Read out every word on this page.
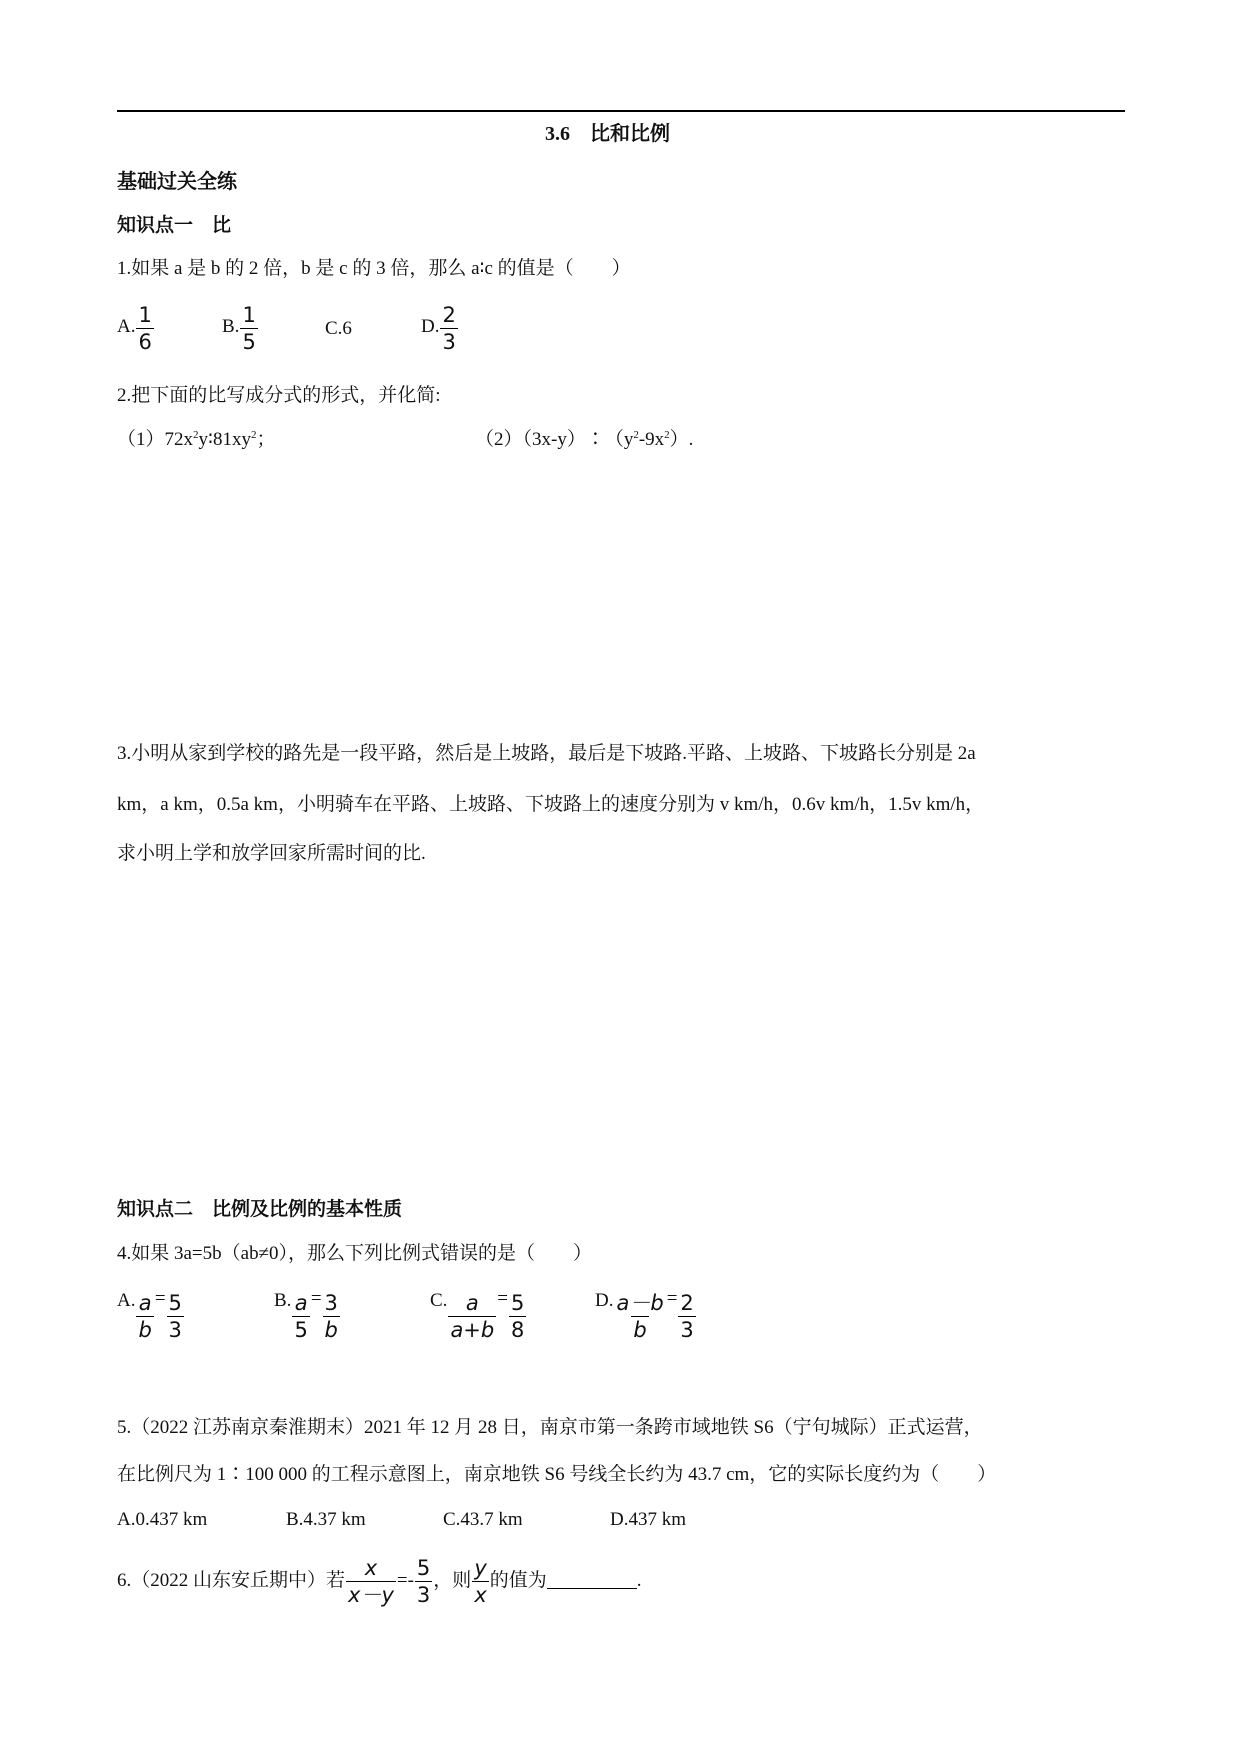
3.6　比和比例
基础过关全练
知识点一　比
1.如果 a 是 b 的 2 倍，b 是 c 的 3 倍，那么 a∶c 的值是（　　）
A. $\frac{1}{6}$	B. $\frac{1}{5}$	C.6	D. $\frac{2}{3}$
2.把下面的比写成分式的形式，并化简:
$(1)72x^2y∶81xy^2$；	$(2)(3x-y)∶(y^2-9x^2)$.
3.小明从家到学校的路先是一段平路，然后是上坡路，最后是下坡路.平路、上坡路、下坡路长分别是 2a
km，a km，0.5a km，小明骑车在平路、上坡路、下坡路上的速度分别为 v km/h，0.6v km/h，1.5v km/h，
求小明上学和放学回家所需时间的比.
知识点二　比例及比例的基本性质
4.如果 3a=5b（ab≠0），那么下列比例式错误的是（　　）
A. $\frac{a}{b} = \frac{5}{3}$	B. $\frac{a}{5} = \frac{3}{b}$	C. $\frac{a}{a+b} = \frac{5}{8}$	D. $\frac{a-b}{b} = \frac{2}{3}$
5.（2022 江苏南京秦淮期末）2021 年 12 月 28 日，南京市第一条跨市域地铁 S6（宁句城际）正式运营，
在比例尺为 1∶100 000 的工程示意图上，南京地铁 S6 号线全长约为 43.7 cm，它的实际长度约为（　　）
A.0.437 km	B.4.37 km	C.43.7 km	D.437 km
6.（2022 山东安丘期中）若 $\frac{x}{x-y} =- \frac{5}{3}$ ，则 $\frac{y}{x}$ 的值为	.
